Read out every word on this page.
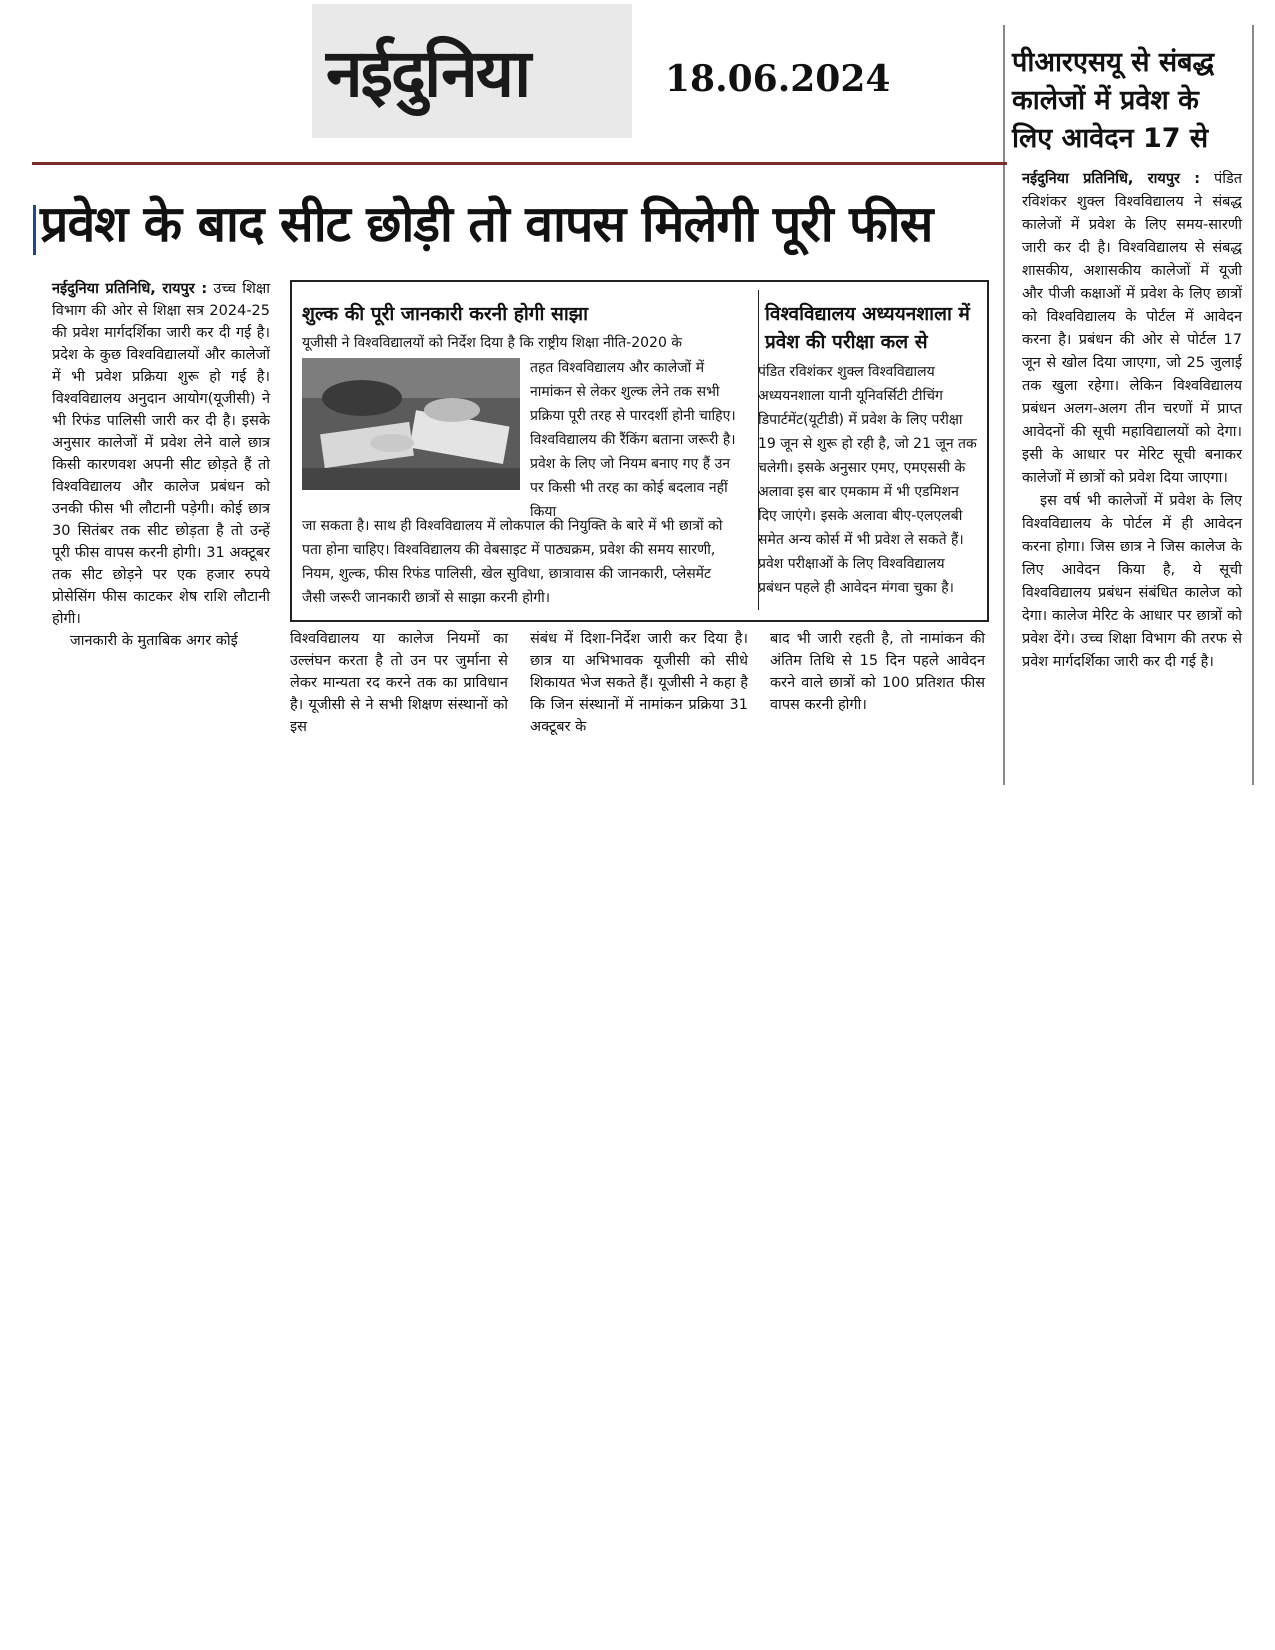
नईदुनिया	18.06.2024
प्रवेश के बाद सीट छोड़ी तो वापस मिलेगी पूरी फीस

नईदुनिया प्रतिनिधि, रायपुर : उच्च शिक्षा विभाग की ओर से शिक्षा सत्र 2024-25 की प्रवेश मार्गदर्शिका जारी कर दी गई है। प्रदेश के कुछ विश्वविद्यालयों और कालेजों में भी प्रवेश प्रक्रिया शुरू हो गई है। विश्वविद्यालय अनुदान आयोग(यूजीसी) ने भी रिफंड पालिसी जारी कर दी है। इसके अनुसार कालेजों में प्रवेश लेने वाले छात्र किसी कारणवश अपनी सीट छोड़ते हैं तो विश्वविद्यालय और कालेज प्रबंधन को उनकी फीस भी लौटानी पड़ेगी। कोई छात्र 30 सितंबर तक सीट छोड़ता है तो उन्हें पूरी फीस वापस करनी होगी। 31 अक्टूबर तक सीट छोड़ने पर एक हजार रुपये प्रोसेसिंग फीस काटकर शेष राशि लौटानी होगी।

जानकारी के मुताबिक अगर कोई

शुल्क की पूरी जानकारी करनी होगी साझा
यूजीसी ने विश्वविद्यालयों को निर्देश दिया है कि राष्ट्रीय शिक्षा नीति-2020 के
तहत विश्वविद्यालय और कालेजों में नामांकन से लेकर शुल्क लेने तक सभी प्रक्रिया पूरी तरह से पारदर्शी होनी चाहिए। विश्वविद्यालय की रैंकिंग बताना जरूरी है। प्रवेश के लिए जो नियम बनाए गए हैं उन पर किसी भी तरह का कोई बदलाव नहीं किया
जा सकता है। साथ ही विश्वविद्यालय में लोकपाल की नियुक्ति के बारे में भी छात्रों को पता होना चाहिए। विश्वविद्यालय की वेबसाइट में पाठ्यक्रम, प्रवेश की समय सारणी, नियम, शुल्क, फीस रिफंड पालिसी, खेल सुविधा, छात्रावास की जानकारी, प्लेसमेंट जैसी जरूरी जानकारी छात्रों से साझा करनी होगी।
विश्वविद्यालय अध्ययनशाला में प्रवेश की परीक्षा कल से
पंडित रविशंकर शुक्ल विश्वविद्यालय अध्ययनशाला यानी यूनिवर्सिटी टीचिंग डिपार्टमेंट(यूटीडी) में प्रवेश के लिए परीक्षा 19 जून से शुरू हो रही है, जो 21 जून तक चलेगी। इसके अनुसार एमए, एमएससी के अलावा इस बार एमकाम में भी एडमिशन दिए जाएंगे। इसके अलावा बीए-एलएलबी समेत अन्य कोर्स में भी प्रवेश ले सकते हैं। प्रवेश परीक्षाओं के लिए विश्वविद्यालय प्रबंधन पहले ही आवेदन मंगवा चुका है।
विश्वविद्यालय या कालेज नियमों का उल्लंघन करता है तो उन पर जुर्माना से लेकर मान्यता रद करने तक का प्राविधान है। यूजीसी से ने सभी शिक्षण संस्थानों को इस
संबंध में दिशा-निर्देश जारी कर दिया है। छात्र या अभिभावक यूजीसी को सीधे शिकायत भेज सकते हैं। यूजीसी ने कहा है कि जिन संस्थानों में नामांकन प्रक्रिया 31 अक्टूबर के
बाद भी जारी रहती है, तो नामांकन की अंतिम तिथि से 15 दिन पहले आवेदन करने वाले छात्रों को 100 प्रतिशत फीस वापस करनी होगी।
पीआरएसयू से संबद्ध कालेजों में प्रवेश के लिए आवेदन 17 से

नईदुनिया प्रतिनिधि, रायपुर : पंडित रविशंकर शुक्ल विश्वविद्यालय ने संबद्ध कालेजों में प्रवेश के लिए समय-सारणी जारी कर दी है। विश्वविद्यालय से संबद्ध शासकीय, अशासकीय कालेजों में यूजी और पीजी कक्षाओं में प्रवेश के लिए छात्रों को विश्वविद्यालय के पोर्टल में आवेदन करना है। प्रबंधन की ओर से पोर्टल 17 जून से खोल दिया जाएगा, जो 25 जुलाई तक खुला रहेगा। लेकिन विश्वविद्यालय प्रबंधन अलग-अलग तीन चरणों में प्राप्त आवेदनों की सूची महाविद्यालयों को देगा। इसी के आधार पर मेरिट सूची बनाकर कालेजों में छात्रों को प्रवेश दिया जाएगा।

इस वर्ष भी कालेजों में प्रवेश के लिए विश्वविद्यालय के पोर्टल में ही आवेदन करना होगा। जिस छात्र ने जिस कालेज के लिए आवेदन किया है, ये सूची विश्वविद्यालय प्रबंधन संबंधित कालेज को देगा। कालेज मेरिट के आधार पर छात्रों को प्रवेश देंगे। उच्च शिक्षा विभाग की तरफ से प्रवेश मार्गदर्शिका जारी कर दी गई है।
